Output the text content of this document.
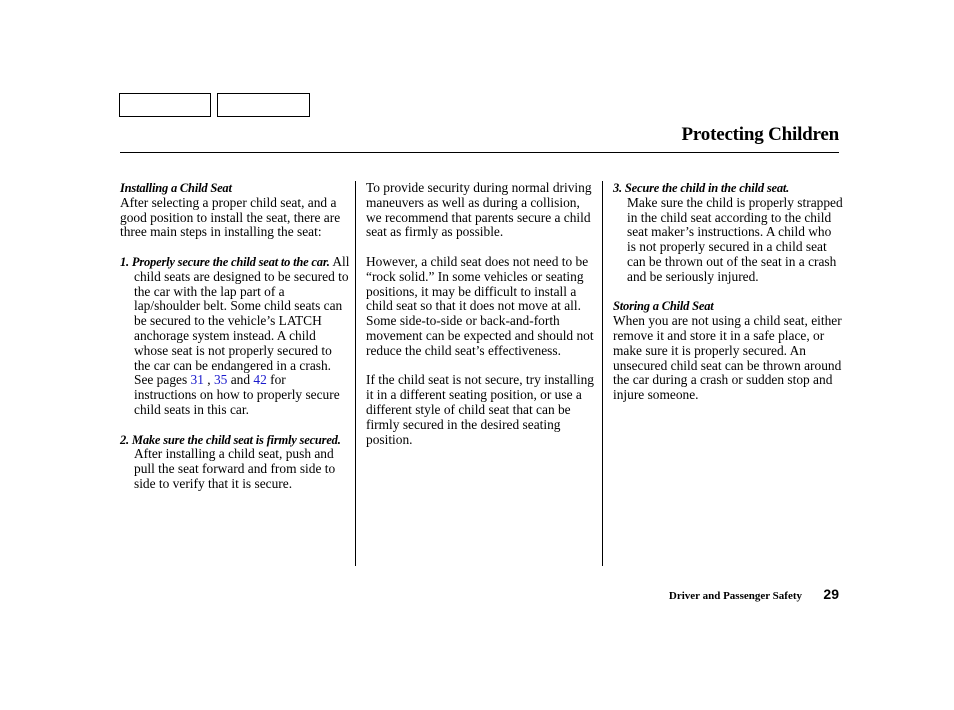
Protecting Children
Installing a Child Seat

After selecting a proper child seat, and a good position to install the seat, there are three main steps in installing the seat:

1. Properly secure the child seat to the car. All child seats are designed to be secured to the car with the lap part of a lap/shoulder belt. Some child seats can be secured to the vehicle’s LATCH anchorage system instead. A child whose seat is not properly secured to the car can be endangered in a crash. See pages 31 , 35 and 42 for instructions on how to properly secure child seats in this car.

2. Make sure the child seat is firmly secured. After installing a child seat, push and pull the seat forward and from side to side to verify that it is secure.

To provide security during normal driving maneuvers as well as during a collision, we recommend that parents secure a child seat as firmly as possible.

However, a child seat does not need to be “rock solid.” In some vehicles or seating positions, it may be difficult to install a child seat so that it does not move at all. Some side-to-side or back-and-forth movement can be expected and should not reduce the child seat’s effectiveness.

If the child seat is not secure, try installing it in a different seating position, or use a different style of child seat that can be firmly secured in the desired seating position.

3. Secure the child in the child seat.

Make sure the child is properly strapped in the child seat according to the child seat maker’s instructions. A child who is not properly secured in a child seat can be thrown out of the seat in a crash and be seriously injured.

Storing a Child Seat

When you are not using a child seat, either remove it and store it in a safe place, or make sure it is properly secured. An unsecured child seat can be thrown around the car during a crash or sudden stop and injure someone.

Driver and Passenger Safety 29
